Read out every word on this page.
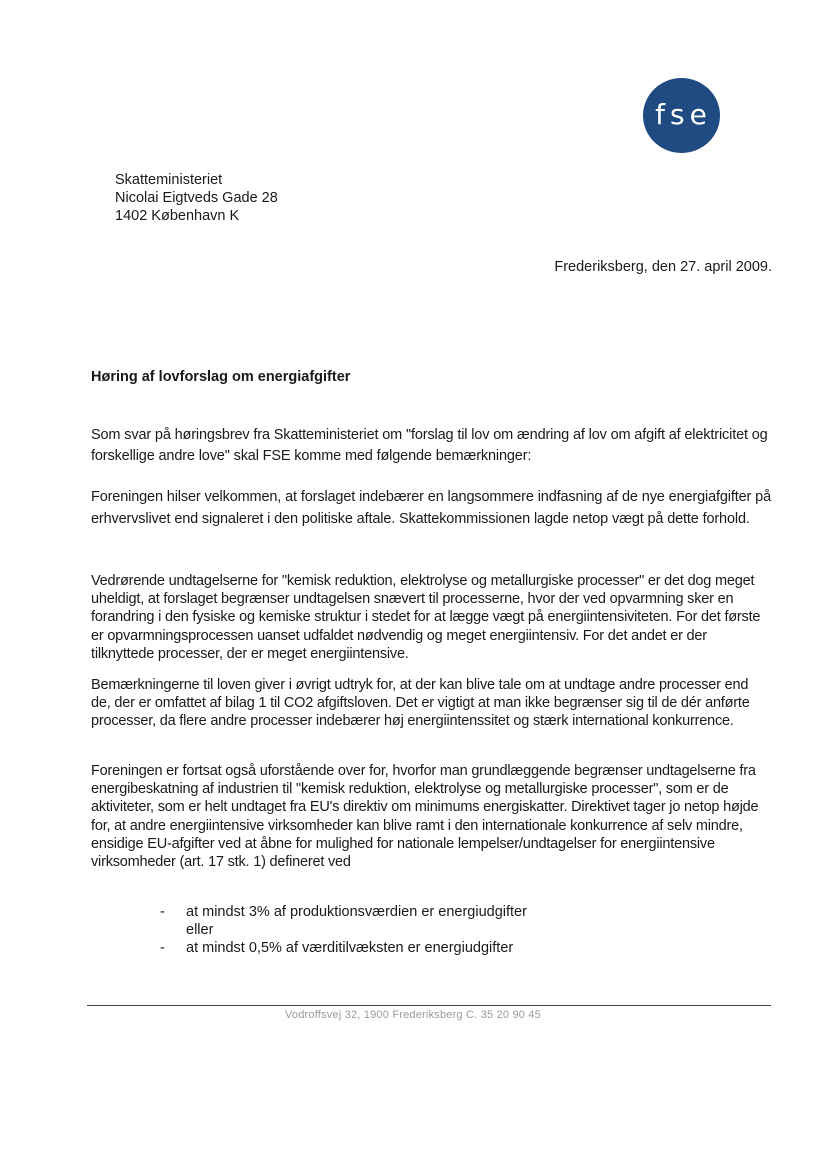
fse
Skatteministeriet
Nicolai Eigtveds Gade 28
1402 København K
Frederiksberg, den 27. april 2009.
Høring af lovforslag om energiafgifter
Som svar på høringsbrev fra Skatteministeriet om "forslag til lov om ændring af lov om afgift af elektricitet og forskellige andre love" skal FSE komme med følgende bemærkninger:
Foreningen hilser velkommen, at forslaget indebærer en langsommere indfasning af de nye energiafgifter på erhvervslivet end signaleret i den politiske aftale. Skattekommissionen lagde netop vægt på dette forhold.
Vedrørende undtagelserne for "kemisk reduktion, elektrolyse og metallurgiske processer" er det dog meget uheldigt, at forslaget begrænser undtagelsen snævert til processerne, hvor der ved opvarmning sker en forandring i den fysiske og kemiske struktur i stedet for at lægge vægt på energiintensiviteten. For det første er opvarmningsprocessen uanset udfaldet nødvendig og meget energiintensiv. For det andet er der tilknyttede processer, der er meget energiintensive.
Bemærkningerne til loven giver i øvrigt udtryk for, at der kan blive tale om at undtage andre processer end de, der er omfattet af bilag 1 til CO2 afgiftsloven. Det er vigtigt at man ikke begrænser sig til de dér anførte processer, da flere andre processer indebærer høj energiintenssitet og stærk international konkurrence.
Foreningen er fortsat også uforstående over for, hvorfor man grundlæggende begrænser undtagelserne fra energibeskatning af industrien til "kemisk reduktion, elektrolyse og metallurgiske processer", som er de aktiviteter, som er helt undtaget fra EU's direktiv om minimums energiskatter. Direktivet tager jo netop højde for, at andre energiintensive virksomheder kan blive ramt i den internationale konkurrence af selv mindre, ensidige EU-afgifter ved at åbne for mulighed for nationale lempelser/undtagelser for energiintensive virksomheder (art. 17 stk. 1) defineret ved
-	at mindst 3% af produktionsværdien er energiudgifter
eller
-	at mindst 0,5% af værditilvæksten er energiudgifter
Vodroffsvej 32, 1900 Frederiksberg C. 35 20 90 45
